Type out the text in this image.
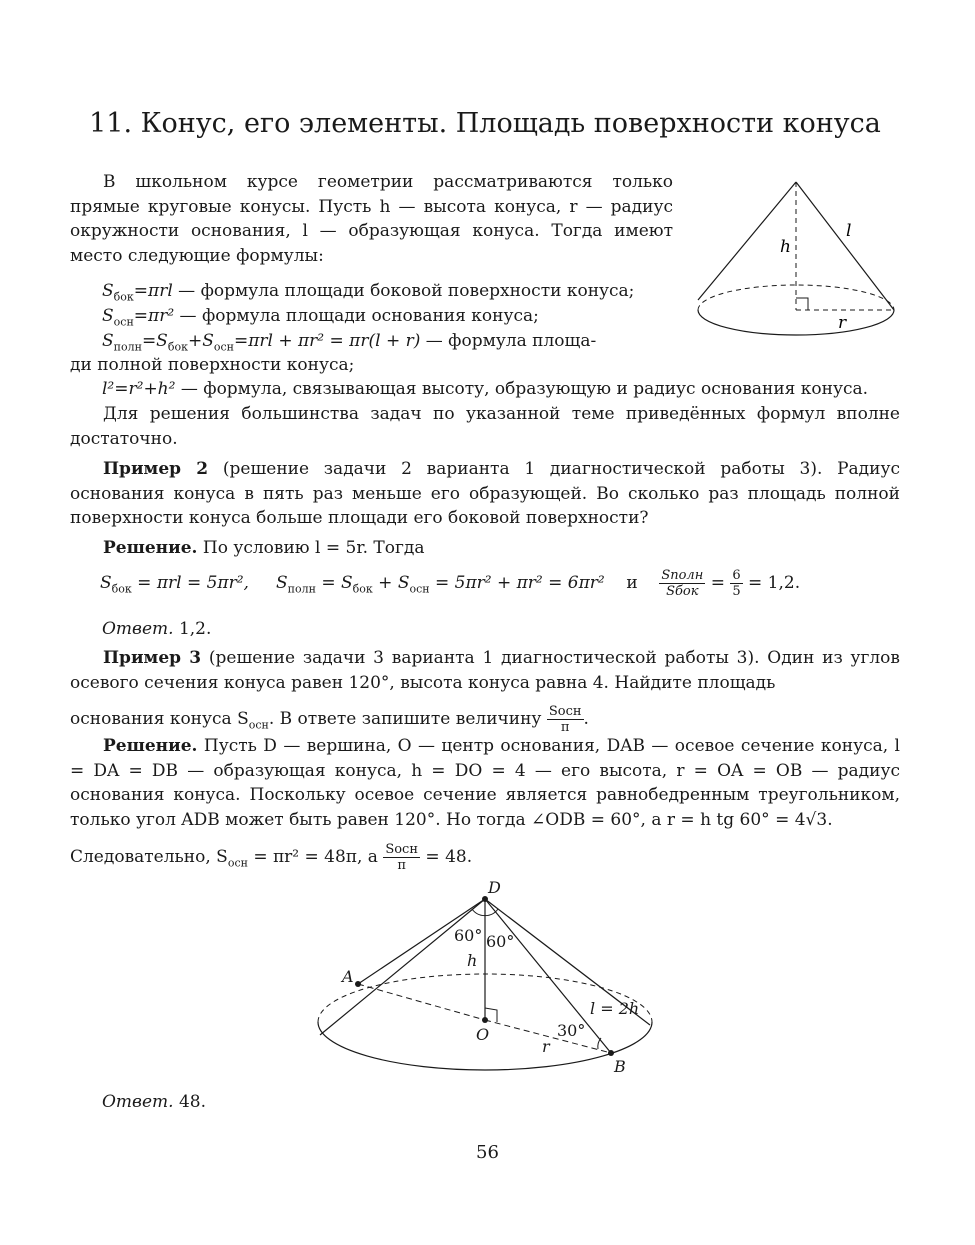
11. Конус, его элементы. Площадь поверхности конуса

В школьном курсе геометрии рассматриваются только прямые круговые конусы. Пусть h — высота конуса, r — радиус окружности основания, l — образующая конуса. Тогда имеют место следующие формулы:

$S_{бок}=\pi rl$ — формула площади боковой поверхности конуса;
$S_{осн}=\pi r^2$ — формула площади основания конуса;
$S_{полн}=S_{бок}+S_{осн}=\pi rl + \pi r^2 = \pi r(l + r)$ — формула площа-
ди полной поверхности конуса;
l²=r²+h² — формула, связывающая высоту, образующую и радиус основания конуса.

Для решения большинства задач по указанной теме приведённых формул вполне достаточно.

h
l
r

Пример 2 (решение задачи 2 варианта 1 диагностической работы 3). Радиус основания конуса в пять раз меньше его образующей. Во сколько раз площадь полной поверхности конуса больше площади его боковой поверхности?

Решение. По условию l = 5r. Тогда

$S_{бок} = \pi rl = 5\pi r^2$, $S_{полн} = S_{бок} + S_{осн} = 5\pi r^2 + \pi r^2 = 6\pi r^2$ и $\frac{\text{Sполн}}{\text{Sбок}} = \frac{6}{5} = 1,2$.
Ответ. 1,2.

Пример 3 (решение задачи 3 варианта 1 диагностической работы 3). Один из углов осевого сечения конуса равен 120°, высота конуса равна 4. Найдите площадь

основания конуса $S_{осн}$. В ответе запишите величину $\frac{\text{Sосн}}{\pi}$ .

Решение. Пусть D — вершина, O — центр основания, DAB — осевое сечение конуса, l = DA = DB — образующая конуса, h = DO = 4 — его высота, r = OA = OB — радиус основания конуса. Поскольку осевое сечение является равнобедренным треугольником, только угол ADB может быть равен 120°. Но тогда ∠ODB = 60°, а r = h tg 60° = 4√3.

Следовательно, $S_{осн} = \pi r^2 = 48\pi$, а $\frac{\text{Sосн}}{\pi} = 48$.
D
A
O
B
h
60° 60°
30°
l = 2h
r
Ответ. 48.
56
